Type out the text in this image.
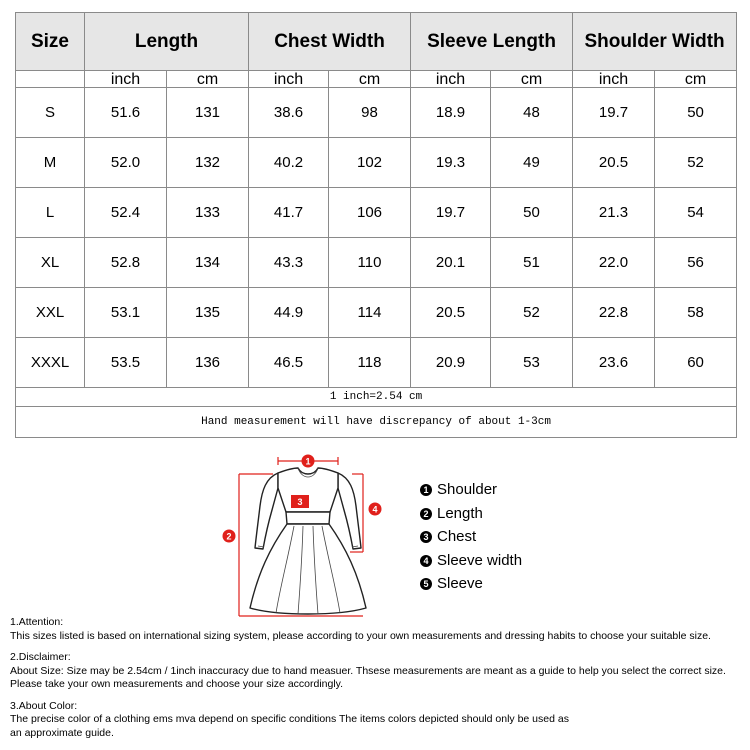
Size	Length		Chest Width		Sleeve Length		Shoulder Width	
	inch	cm	inch	cm	inch	cm	inch	cm
S	51.6	131	38.6	98	18.9	48	19.7	50
M	52.0	132	40.2	102	19.3	49	20.5	52
L	52.4	133	41.7	106	19.7	50	21.3	54
XL	52.8	134	43.3	110	20.1	51	22.0	56
XXL	53.1	135	44.9	114	20.5	52	22.8	58
XXXL	53.5	136	46.5	118	20.9	53	23.6	60
1 inch=2.54 cm								
Hand measurement will have discrepancy of about 1-3cm								
1
2
3
4
1 Shoulder
2 Length
3 Chest
4 Sleeve width
5 Sleeve

1.Attention:

This sizes listed is based on international sizing system, please according to your own measurements and dressing habits to choose your suitable size.

2.Disclaimer:

About Size: Size may be 2.54cm / 1inch inaccuracy due to hand measuer. Thsese measurements are meant as a guide to help you select the correct size.

Please take your own measurements and choose your size accordingly.

3.About Color:

The precise color of a clothing ems mva depend on specific conditions The items colors depicted should only be used as

an approximate guide.
